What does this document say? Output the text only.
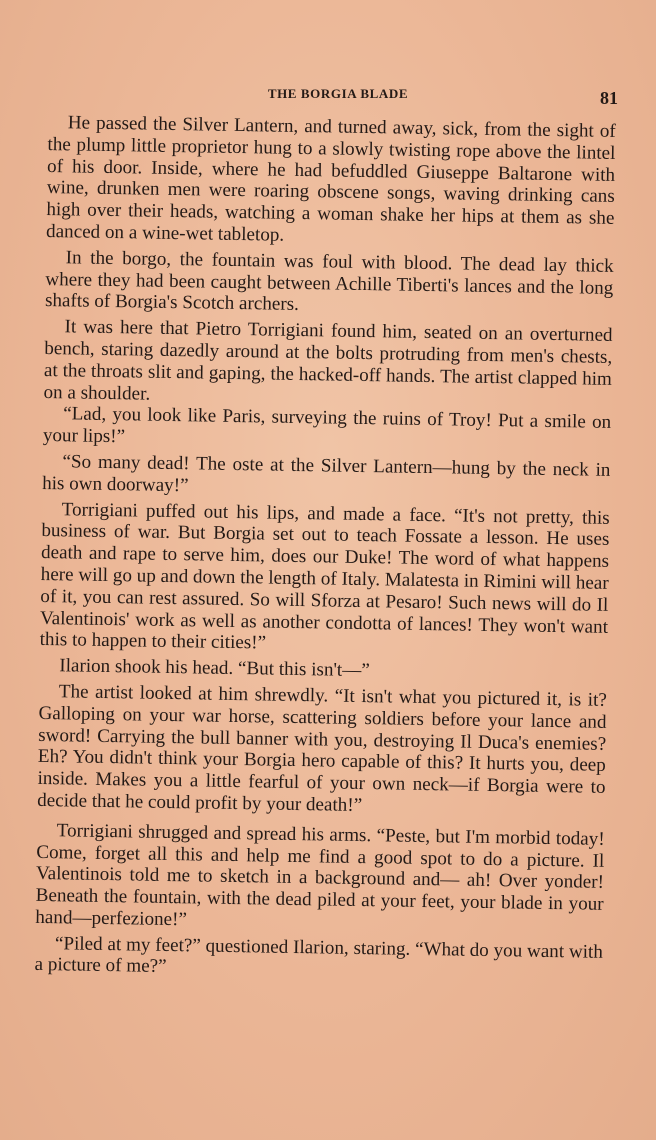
THE BORGIA BLADE	81

He passed the Silver Lantern, and turned away, sick, from the sight of the plump little proprietor hung to a slowly twisting rope above the lintel of his door. Inside, where he had befuddled Giuseppe Baltarone with wine, drunken men were roaring obscene songs, waving drinking cans high over their heads, watching a woman shake her hips at them as she danced on a wine-wet tabletop.

In the borgo, the fountain was foul with blood. The dead lay thick where they had been caught between Achille Tiberti's lances and the long shafts of Borgia's Scotch archers.

It was here that Pietro Torrigiani found him, seated on an overturned bench, staring dazedly around at the bolts protruding from men's chests, at the throats slit and gaping, the hacked-off hands. The artist clapped him on a shoulder.

“Lad, you look like Paris, surveying the ruins of Troy! Put a smile on your lips!”

“So many dead! The oste at the Silver Lantern—hung by the neck in his own doorway!”

Torrigiani puffed out his lips, and made a face. “It's not pretty, this business of war. But Borgia set out to teach Fossate a lesson. He uses death and rape to serve him, does our Duke! The word of what happens here will go up and down the length of Italy. Malatesta in Rimini will hear of it, you can rest assured. So will Sforza at Pesaro! Such news will do Il Valentinois' work as well as another condotta of lances! They won't want this to happen to their cities!”

Ilarion shook his head. “But this isn't—”

The artist looked at him shrewdly. “It isn't what you pictured it, is it? Galloping on your war horse, scattering soldiers before your lance and sword! Carrying the bull banner with you, destroying Il Duca's enemies? Eh? You didn't think your Borgia hero capable of this? It hurts you, deep inside. Makes you a little fearful of your own neck—if Borgia were to decide that he could profit by your death!”

Torrigiani shrugged and spread his arms. “Peste, but I'm morbid today! Come, forget all this and help me find a good spot to do a picture. Il Valentinois told me to sketch in a background and— ah! Over yonder! Beneath the fountain, with the dead piled at your feet, your blade in your hand—perfezione!”

“Piled at my feet?” questioned Ilarion, staring. “What do you want with a picture of me?”
